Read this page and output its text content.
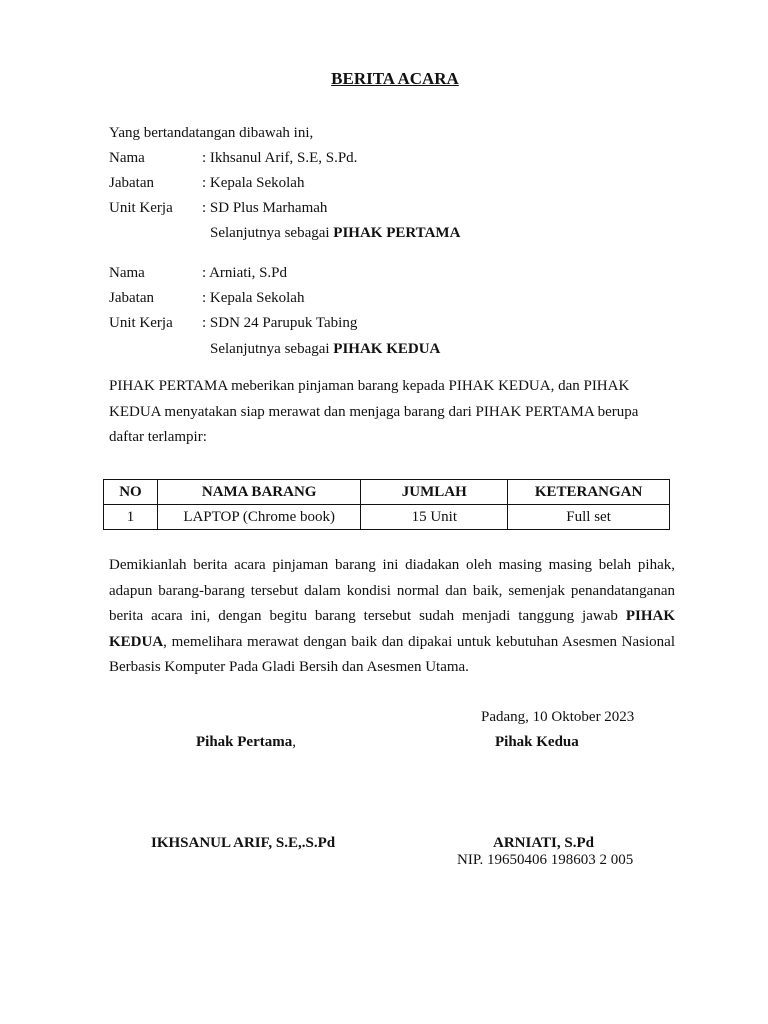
BERITA ACARA
Yang bertandatangan dibawah ini,
Nama	: Ikhsanul Arif, S.E, S.Pd.
Jabatan	: Kepala Sekolah
Unit Kerja : SD Plus Marhamah
Selanjutnya sebagai PIHAK PERTAMA
Nama	: Arniati, S.Pd
Jabatan	: Kepala Sekolah
Unit Kerja : SDN 24 Parupuk Tabing
Selanjutnya sebagai PIHAK KEDUA
PIHAK PERTAMA meberikan pinjaman barang kepada PIHAK KEDUA, dan PIHAK KEDUA menyatakan siap merawat dan menjaga barang dari PIHAK PERTAMA berupa daftar terlampir:
NO	NAMA BARANG	JUMLAH	KETERANGAN
1	LAPTOP (Chrome book)	15 Unit	Full set
Demikianlah berita acara pinjaman barang ini diadakan oleh masing masing belah pihak, adapun barang-barang tersebut dalam kondisi normal dan baik, semenjak penandatanganan berita acara ini, dengan begitu barang tersebut sudah menjadi tanggung jawab PIHAK KEDUA, memelihara merawat dengan baik dan dipakai untuk kebutuhan Asesmen Nasional Berbasis Komputer Pada Gladi Bersih dan Asesmen Utama.
Padang, 10 Oktober 2023
Pihak Pertama,	Pihak Kedua
IKHSANUL ARIF, S.E,.S.Pd	ARNIATI, S.Pd
NIP. 19650406 198603 2 005
